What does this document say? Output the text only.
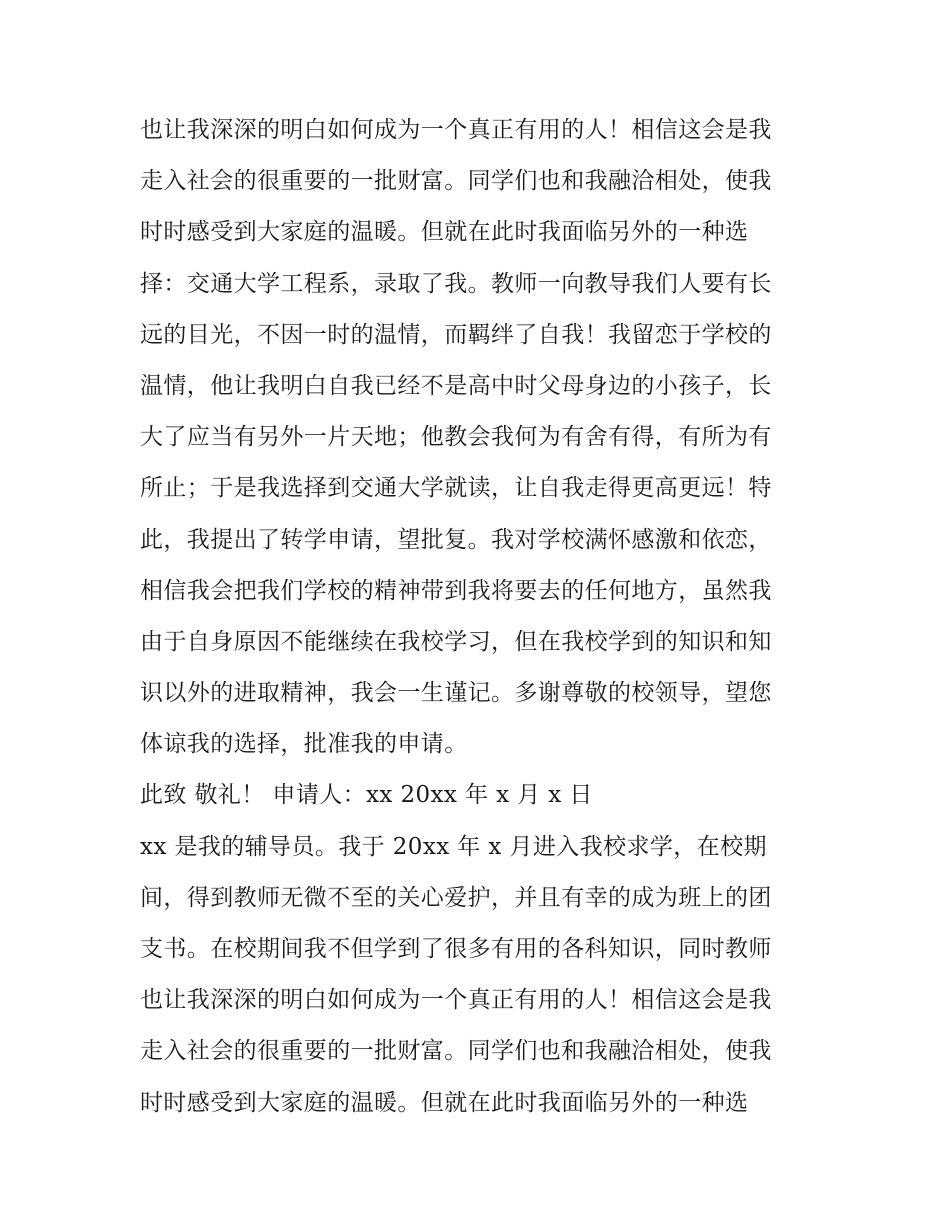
也让我深深的明白如何成为一个真正有用的人！相信这会是我
走入社会的很重要的一批财富。同学们也和我融洽相处，使我
时时感受到大家庭的温暖。但就在此时我面临另外的一种选
择：交通大学工程系，录取了我。教师一向教导我们人要有长
远的目光，不因一时的温情，而羁绊了自我！我留恋于学校的
温情，他让我明白自我已经不是高中时父母身边的小孩子，长
大了应当有另外一片天地；他教会我何为有舍有得，有所为有
所止；于是我选择到交通大学就读，让自我走得更高更远！特
此，我提出了转学申请，望批复。我对学校满怀感激和依恋，
相信我会把我们学校的精神带到我将要去的任何地方，虽然我
由于自身原因不能继续在我校学习，但在我校学到的知识和知
识以外的进取精神，我会一生谨记。多谢尊敬的校领导，望您
体谅我的选择，批准我的申请。
此致 敬礼！ 申请人：xx 20xx 年 x 月 x 日
xx 是我的辅导员。我于 20xx 年 x 月进入我校求学，在校期
间，得到教师无微不至的关心爱护，并且有幸的成为班上的团
支书。在校期间我不但学到了很多有用的各科知识，同时教师
也让我深深的明白如何成为一个真正有用的人！相信这会是我
走入社会的很重要的一批财富。同学们也和我融洽相处，使我
时时感受到大家庭的温暖。但就在此时我面临另外的一种选
